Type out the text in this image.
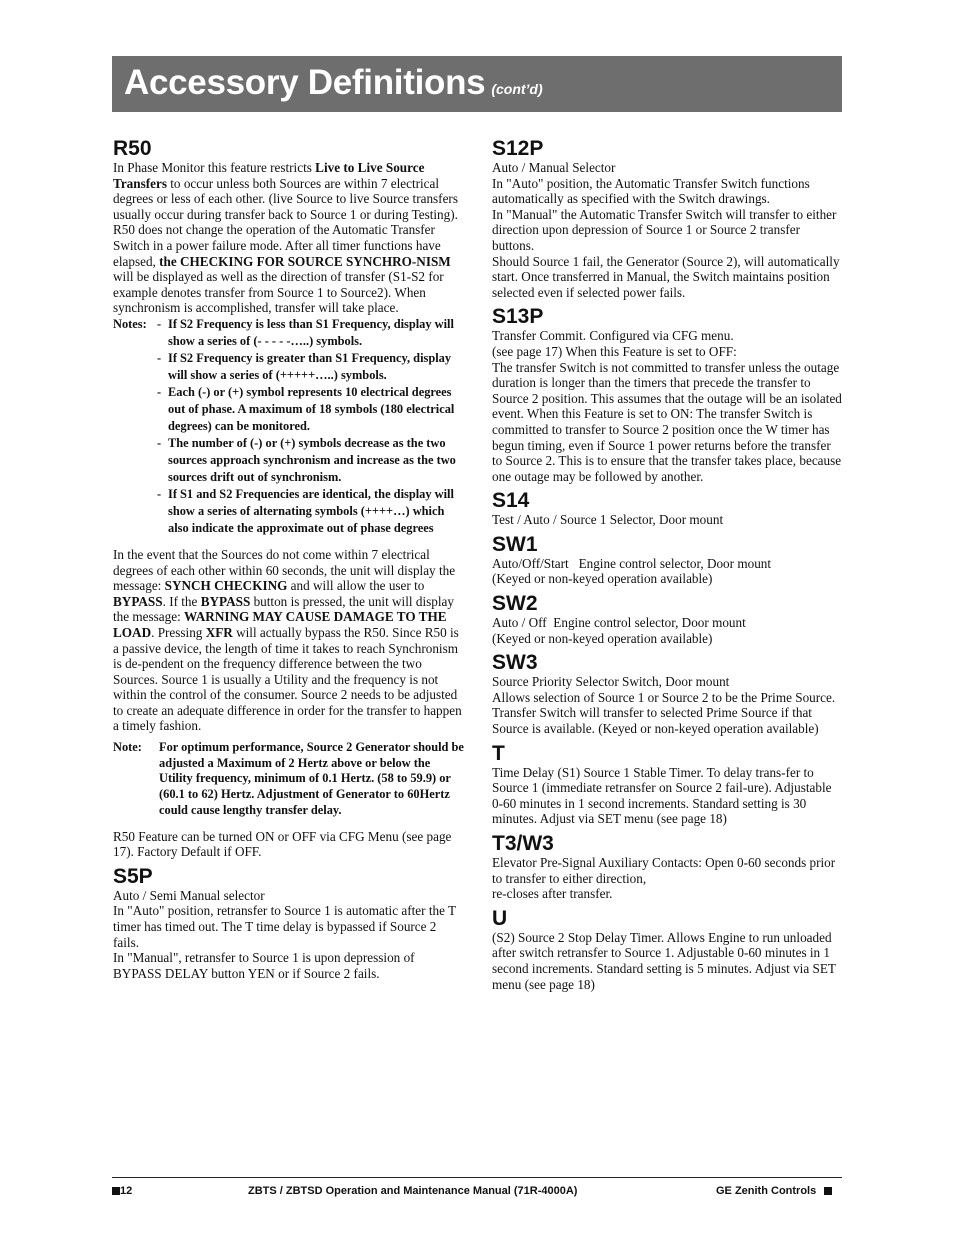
Accessory Definitions (cont’d)
R50
In Phase Monitor this feature restricts Live to Live Source Transfers to occur unless both Sources are within 7 electrical degrees or less of each other. (live Source to live Source transfers usually occur during transfer back to Source 1 or during Testing). R50 does not change the operation of the Automatic Transfer Switch in a power failure mode. After all timer functions have elapsed, the CHECKING FOR SOURCE SYNCHRO-NISM will be displayed as well as the direction of transfer (S1-S2 for example denotes transfer from Source 1 to Source2). When synchronism is accomplished, transfer will take place.
Notes: - If S2 Frequency is less than S1 Frequency, display will show a series of (- - - - -…..) symbols.
- If S2 Frequency is greater than S1 Frequency, display will show a series of (+++++…..) symbols.
- Each (-) or (+) symbol represents 10 electrical degrees out of phase. A maximum of 18 symbols (180 electrical degrees) can be monitored.
- The number of (-) or (+) symbols decrease as the two sources approach synchronism and increase as the two sources drift out of synchronism.
- If S1 and S2 Frequencies are identical, the display will show a series of alternating symbols (++++…) which also indicate the approximate out of phase degrees
In the event that the Sources do not come within 7 electrical degrees of each other within 60 seconds, the unit will display the message: SYNCH CHECKING and will allow the user to BYPASS. If the BYPASS button is pressed, the unit will display the message: WARNING MAY CAUSE DAMAGE TO THE LOAD. Pressing XFR will actually bypass the R50. Since R50 is a passive device, the length of time it takes to reach Synchronism is de-pendent on the frequency difference between the two Sources. Source 1 is usually a Utility and the frequency is not within the control of the consumer. Source 2 needs to be adjusted to create an adequate difference in order for the transfer to happen a timely fashion.
Note:	For optimum performance, Source 2 Generator should be adjusted a Maximum of 2 Hertz above or below the Utility frequency, minimum of 0.1 Hertz. (58 to 59.9) or (60.1 to 62) Hertz. Adjustment of Generator to 60Hertz could cause lengthy transfer delay.
R50 Feature can be turned ON or OFF via CFG Menu (see page 17). Factory Default if OFF.
S5P

Auto / Semi Manual selector

In "Auto" position, retransfer to Source 1 is automatic after the T timer has timed out. The T time delay is bypassed if Source 2 fails.

In "Manual", retransfer to Source 1 is upon depression of BYPASS DELAY button YEN or if Source 2 fails.

S12P

Auto / Manual Selector

In "Auto" position, the Automatic Transfer Switch functions automatically as specified with the Switch drawings.

In "Manual" the Automatic Transfer Switch will transfer to either direction upon depression of Source 1 or Source 2 transfer buttons.

Should Source 1 fail, the Generator (Source 2), will automatically start. Once transferred in Manual, the Switch maintains position selected even if selected power fails.

S13P

Transfer Commit. Configured via CFG menu.

(see page 17) When this Feature is set to OFF:

The transfer Switch is not committed to transfer unless the outage duration is longer than the timers that precede the transfer to Source 2 position. This assumes that the outage will be an isolated event. When this Feature is set to ON: The transfer Switch is committed to transfer to Source 2 position once the W timer has begun timing, even if Source 1 power returns before the transfer to Source 2. This is to ensure that the transfer takes place, because one outage may be followed by another.

S14

Test / Auto / Source 1 Selector, Door mount

SW1

Auto/Off/Start   Engine control selector, Door mount

(Keyed or non-keyed operation available)

SW2

Auto / Off  Engine control selector, Door mount

(Keyed or non-keyed operation available)

SW3

Source Priority Selector Switch, Door mount

Allows selection of Source 1 or Source 2 to be the Prime Source. Transfer Switch will transfer to selected Prime Source if that Source is available. (Keyed or non-keyed operation available)

T

Time Delay (S1) Source 1 Stable Timer. To delay trans-fer to Source 1 (immediate retransfer on Source 2 fail-ure). Adjustable 0-60 minutes in 1 second increments. Standard setting is 30 minutes. Adjust via SET menu (see page 18)

T3/W3

Elevator Pre-Signal Auxiliary Contacts: Open 0-60 seconds prior to transfer to either direction,

re-closes after transfer.

U

(S2) Source 2 Stop Delay Timer. Allows Engine to run unloaded after switch retransfer to Source 1. Adjustable 0-60 minutes in 1 second increments. Standard setting is 5 minutes. Adjust via SET menu (see page 18)

12	ZBTS / ZBTSD Operation and Maintenance Manual (71R-4000A)	GE Zenith Controls
